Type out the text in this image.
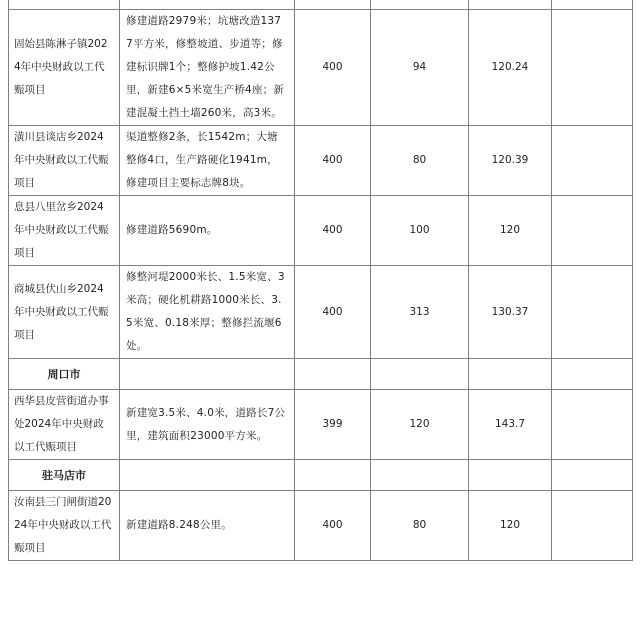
固始县陈淋子镇2024年中央财政以工代赈项目	修建道路2979米；坑塘改造1377平方米，修整坡道、步道等；修建标识牌1个；整修护坡1.42公里，新建6×5米宽生产桥4座；新建混凝土挡土墙260米，高3米。	400	94	120.24	
潢川县谈店乡2024年中央财政以工代赈项目	渠道整修2条，长1542m；大塘整修4口，生产路硬化1941m，修建项目主要标志牌8块。	400	80	120.39	
息县八里岔乡2024年中央财政以工代赈项目	修建道路5690m。	400	100	120	
商城县伏山乡2024年中央财政以工代赈项目	修整河堤2000米长、1.5米宽、3米高；硬化机耕路1000米长、3.5米宽、0.18米厚；整修拦流堰6处。	400	313	130.37	
周口市					
西华县皮营街道办事处2024年中央财政以工代赈项目	新建宽3.5米、4.0米，道路长7公里，建筑面积23000平方米。	399	120	143.7	
驻马店市					
汝南县三门闸街道2024年中央财政以工代赈项目	新建道路8.248公里。	400	80	120	
